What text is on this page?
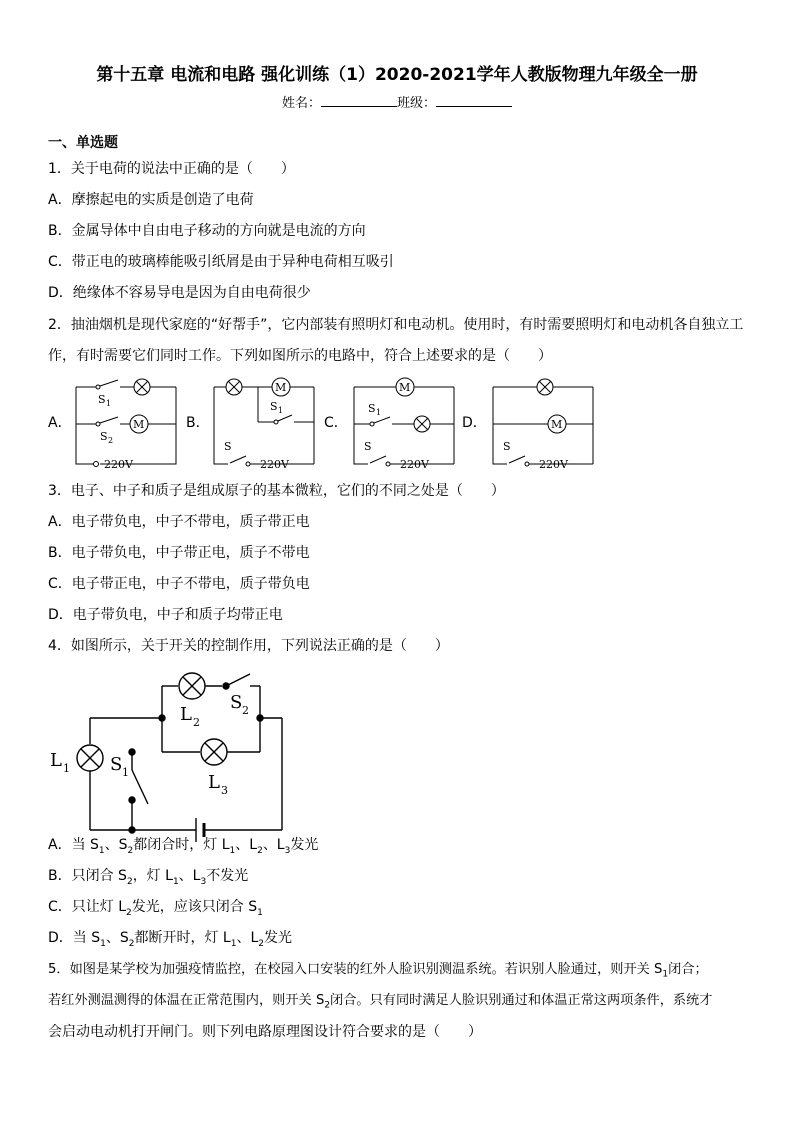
第十五章 电流和电路 强化训练（1）2020-2021学年人教版物理九年级全一册
姓名：	班级：
一、单选题
1．关于电荷的说法中正确的是（　　）
A．摩擦起电的实质是创造了电荷
B．金属导体中自由电子移动的方向就是电流的方向
C．带正电的玻璃棒能吸引纸屑是由于异种电荷相互吸引
D．绝缘体不容易导电是因为自由电荷很少
2．抽油烟机是现代家庭的“好帮手”，它内部装有照明灯和电动机。使用时，有时需要照明灯和电动机各自独立工
作，有时需要它们同时工作。下列如图所示的电路中，符合上述要求的是（　　）
A．	B．	C．	D．
220V
S 1
M
S 2	S
220V
M
S 1
S
220V
M
S 1
S
220V
M
3．电子、中子和质子是组成原子的基本微粒，它们的不同之处是（　　）
A．电子带负电，中子不带电，质子带正电
B．电子带负电，中子带正电，质子不带电
C．电子带正电，中子不带电，质子带负电
D．电子带负电，中子和质子均带正电
4．如图所示，关于开关的控制作用，下列说法正确的是（　　）
L 1
L 2
L 3
S 1
S 2
A．当 $S_1$、$S_2$都闭合时，灯 $L_1$、$L_2$、$L_3$发光
B．只闭合 $S_2$，灯 $L_1$、$L_3$不发光
C．只让灯 $L_2$发光，应该只闭合 $S_1$
D．当 $S_1$、$S_2$都断开时，灯 $L_1$、$L_2$发光
5．如图是某学校为加强疫情监控，在校园入口安装的红外人脸识别测温系统。若识别人脸通过，则开关 $S_1$闭合；
若红外测温测得的体温在正常范围内，则开关 $S_2$闭合。只有同时满足人脸识别通过和体温正常这两项条件，系统才
会启动电动机打开闸门。则下列电路原理图设计符合要求的是（　　）
